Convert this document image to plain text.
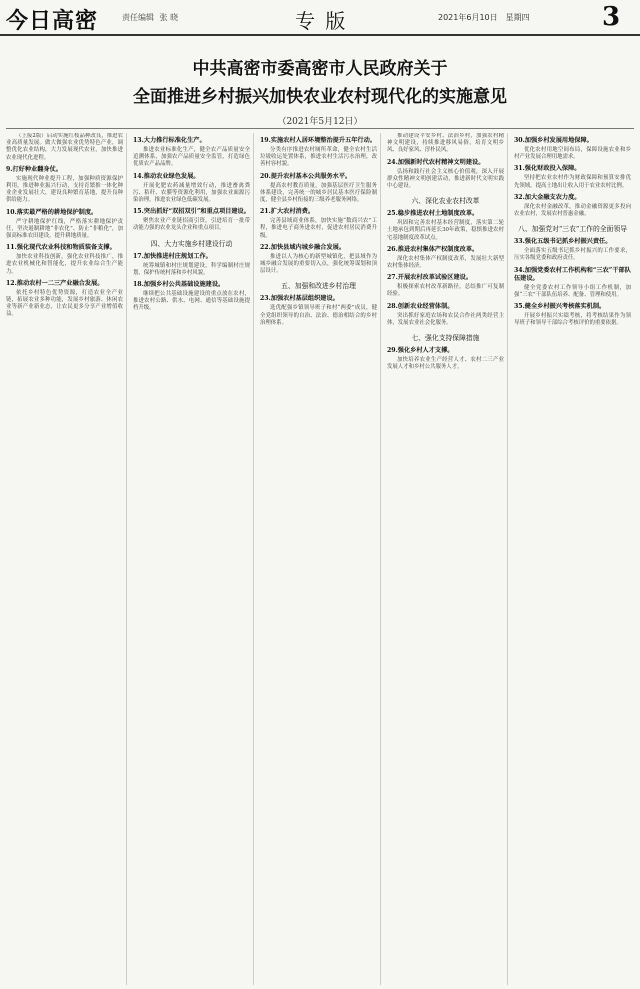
今日高密	责任编辑 张 晓	专 版	2021年6月10日　星期四	3
中共高密市委高密市人民政府关于
全面推进乡村振兴加快农业农村现代化的实施意见
（2021年5月12日）

（上接2版）启动实施红枝品种改良，推进农业高质量发展。做大做强农业优势特色产业，调整优化农业结构，大力发展现代农业，加快推进农业现代化进程。

9.打好种业翻身仗。

实施现代种业提升工程，加强种质资源保护利用，推进种业振兴行动，支持育繁推一体化种业企业发展壮大，建设良种繁育基地，提升良种供给能力。

10.落实最严格的耕地保护制度。

严守耕地保护红线，严格落实耕地保护责任，坚决遏制耕地“非农化”、防止“非粮化”，加强高标准农田建设，提升耕地质量。

11.强化现代农业科技和物质装备支撑。

加快农业科技创新，强化农业科技推广，推进农业机械化和智能化，提升农业综合生产能力。

12.推动农村一二三产业融合发展。

依托乡村特色优势资源，打造农业全产业链，拓展农业多种功能，发展乡村旅游、休闲农业等新产业新业态，让农民更多分享产业增值收益。

13.大力推行标准化生产。

推进农业标准化生产，健全农产品质量安全追溯体系，加强农产品质量安全监管，打造绿色优质农产品品牌。

14.推动农业绿色发展。

开展化肥农药减量增效行动，推进畜禽粪污、秸秆、农膜等资源化利用，加强农业面源污染治理，推进农业绿色低碳发展。

15.突出抓好“双招双引”和重点项目建设。

聚焦农业产业链招商引资，引进培育一批带动能力强的农业龙头企业和重点项目。

四、大力实施乡村建设行动

17.加快推进村庄规划工作。

统筹城镇和村庄规划建设，科学编制村庄规划，保护传统村落和乡村风貌。

18.加强乡村公共基础设施建设。

继续把公共基础设施建设的重点放在农村，推进农村公路、供水、电网、通信等基础设施提档升级。

19.实施农村人居环境整治提升五年行动。

分类有序推进农村厕所革命，健全农村生活垃圾收运处置体系，推进农村生活污水治理，改善村容村貌。

20.提升农村基本公共服务水平。

提高农村教育质量，加强基层医疗卫生服务体系建设，完善统一的城乡居民基本医疗保险制度，健全县乡村衔接的三级养老服务网络。

21.扩大农村消费。

完善县域商业体系，加快实施“数商兴农”工程，推进电子商务进农村，促进农村居民消费升级。

22.加快县域内城乡融合发展。

推进以人为核心的新型城镇化，把县域作为城乡融合发展的重要切入点，强化统筹谋划和顶层设计。

五、加强和改进乡村治理

23.加强农村基层组织建设。

选优配强乡镇领导班子和村“两委”成员，健全党组织领导的自治、法治、德治相结合的乡村治理体系。

推动建设平安乡村、法治乡村，加强农村精神文明建设，持续推进移风易俗，培育文明乡风、良好家风、淳朴民风。

24.加强新时代农村精神文明建设。

弘扬和践行社会主义核心价值观，深入开展群众性精神文明创建活动，推进新时代文明实践中心建设。

六、深化农业农村改革

25.稳步推进农村土地制度改革。

巩固和完善农村基本经营制度，落实第二轮土地承包到期后再延长30年政策，稳慎推进农村宅基地制度改革试点。

26.推进农村集体产权制度改革。

深化农村集体产权制度改革，发展壮大新型农村集体经济。

27.开展农村改革试验区建设。

积极探索农村改革新路径，总结推广可复制经验。

28.创新农业经营体制。

突出抓好家庭农场和农民合作社两类经营主体，发展农业社会化服务。

七、强化支持保障措施

29.强化乡村人才支撑。

加快培养农业生产经营人才、农村二三产业发展人才和乡村公共服务人才。

30.加强乡村发展用地保障。

优化农村用地空间布局，保障设施农业和乡村产业发展合理用地需求。

31.强化财政投入保障。

坚持把农业农村作为财政保障和预算安排优先领域，提高土地出让收入用于农业农村比例。

32.加大金融支农力度。

深化农村金融改革，推动金融资源更多投向农业农村，发展农村普惠金融。

八、加强党对“三农”工作的全面领导

33.强化五级书记抓乡村振兴责任。

全面落实五级书记抓乡村振兴的工作要求，压实各级党委和政府责任。

34.加强党委农村工作机构和“三农”干部队伍建设。

健全党委农村工作领导小组工作机制，加强“三农”干部队伍培养、配备、管理和使用。

35.健全乡村振兴考核落实机制。

开展乡村振兴实绩考核，将考核结果作为领导班子和领导干部综合考核评价的重要依据。
